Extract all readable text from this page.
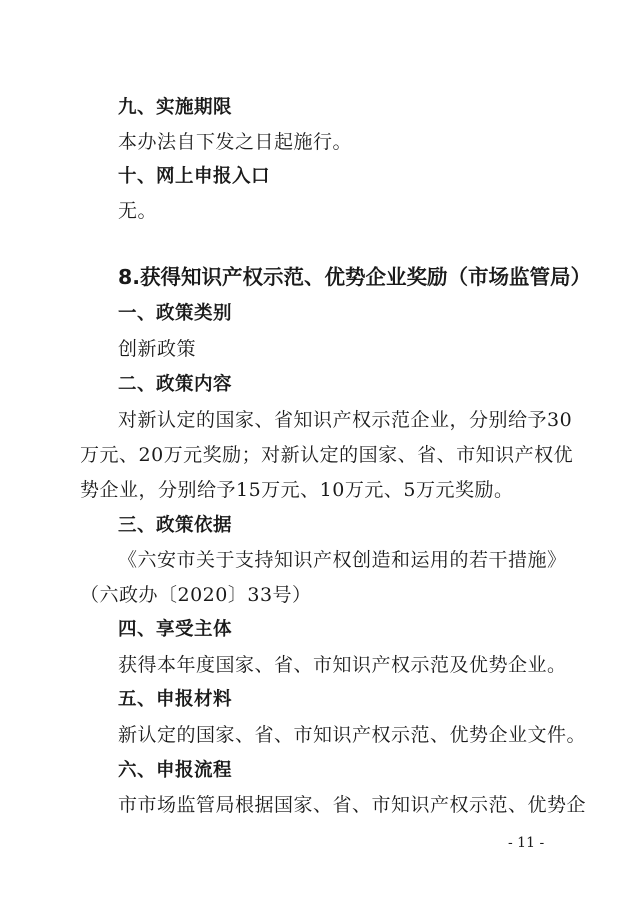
九、实施期限
本办法自下发之日起施行。
十、网上申报入口
无。
8.获得知识产权示范、优势企业奖励（市场监管局）
一、政策类别
创新政策
二、政策内容
对新认定的国家、省知识产权示范企业，分别给予30
万元、20万元奖励；对新认定的国家、省、市知识产权优
势企业，分别给予15万元、10万元、5万元奖励。
三、政策依据
《六安市关于支持知识产权创造和运用的若干措施》
（六政办〔2020〕33号）
四、享受主体
获得本年度国家、省、市知识产权示范及优势企业。
五、申报材料
新认定的国家、省、市知识产权示范、优势企业文件。
六、申报流程
市市场监管局根据国家、省、市知识产权示范、优势企
- 11 -
